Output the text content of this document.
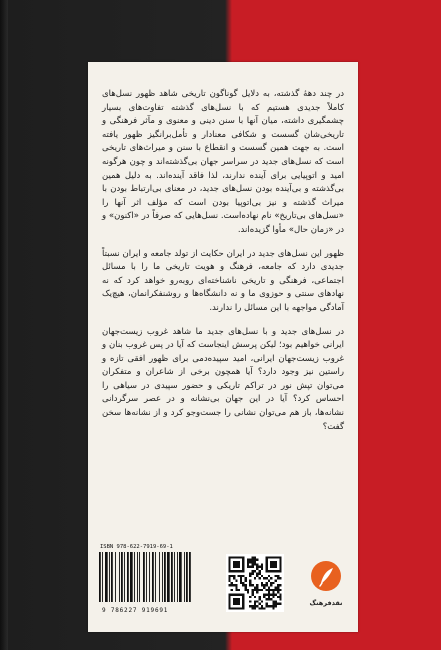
در چند دههٔ گذشته، به دلایل گوناگون تاریخی شاهد ظهور نسل‌های کاملاً جدیدی هستیم که با نسل‌های گذشته تفاوت‌های بسیار چشمگیری داشته، میان آنها با سنن دینی و معنوی و مآثر فرهنگی و تاریخی‌شان گسست و شکافی معنادار و تأمل‌برانگیز ظهور یافته است. به جهت همین گسست و انقطاع با سنن و میراث‌های تاریخی است که نسل‌های جدید در سراسر جهان بی‌گذشته‌اند و چون هرگونه امید و اتوپیایی برای آینده ندارند، لذا فاقد آینده‌اند. به دلیل همین بی‌گذشته و بی‌آینده بودن نسل‌های جدید، در معنای بی‌ارتباط بودن با میراث گذشته و نیز بی‌اتوپیا بودن است که مؤلف اثر آنها را «نسل‌های بی‌تاریخ» نام نهاده‌است. نسل‌هایی که صرفاً در «اکنون» و در «زمان حال» مأوا گزیده‌اند.

ظهور این نسل‌های جدید در ایران حکایت از تولد جامعه و ایران نسبتاً جدیدی دارد که جامعه، فرهنگ و هویت تاریخی ما را با مسائل اجتماعی، فرهنگی و تاریخی ناشناخته‌ای روبه‌رو خواهد کرد که نه نهادهای سنتی و حوزوی ما و نه دانشگاه‌ها و روشنفکرانمان، هیچ‌یک آمادگی مواجهه با این مسائل را ندارند.

در نسل‌های جدید و با نسل‌های جدید ما شاهد غروب زیست‌جهان ایرانی خواهیم بود؛ لیکن پرسش اینجاست که آیا در پس غروب بنان و غروب زیست‌جهان ایرانی، امید سپیده‌دمی برای ظهور افقی تازه و راستین نیز وجود دارد؟ آیا همچون برخی از شاعران و متفکران می‌توان تپش نور در تراکم تاریکی و حضور سپیدی در سیاهی را احساس کرد؟ آیا در این جهان بی‌نشانه و در عصر سرگردانی نشانه‌ها، باز هم می‌توان نشانی را جست‌وجو کرد و از نشانه‌ها سخن گفت؟

ISBN 978-622-7919-69-1
9 786227 919691
نقدفرهنگ
